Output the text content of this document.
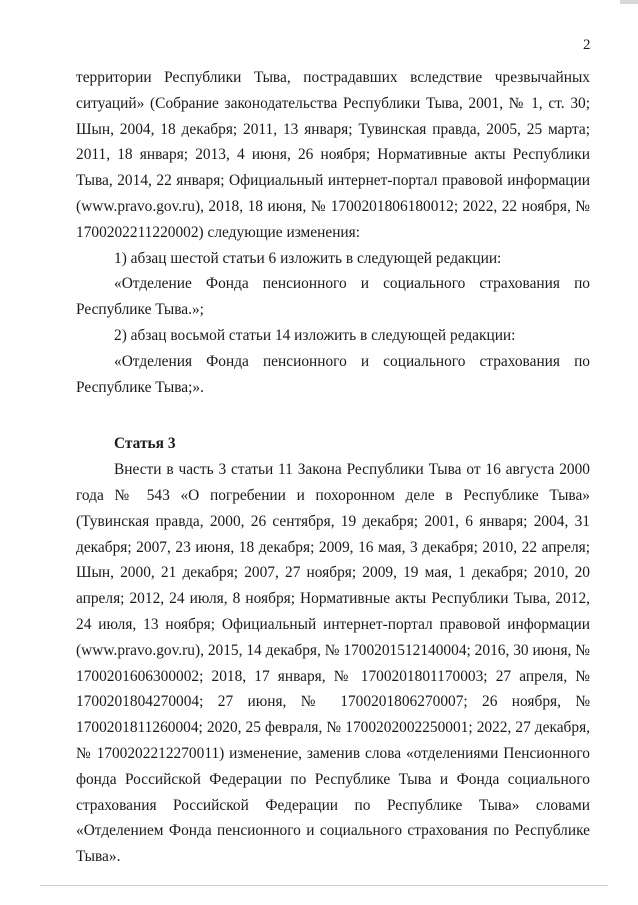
2

территории Республики Тыва, пострадавших вследствие чрезвычайных ситуаций» (Собрание законодательства Республики Тыва, 2001, № 1, ст. 30; Шын, 2004, 18 декабря; 2011, 13 января; Тувинская правда, 2005, 25 марта; 2011, 18 января; 2013, 4 июня, 26 ноября; Нормативные акты Республики Тыва, 2014, 22 января; Официальный интернет-портал правовой информации (www.pravo.gov.ru), 2018, 18 июня, № 1700201806180012; 2022, 22 ноября, № 1700202211220002) следующие изменения:

1) абзац шестой статьи 6 изложить в следующей редакции:

«Отделение Фонда пенсионного и социального страхования по Республике Тыва.»;

2) абзац восьмой статьи 14 изложить в следующей редакции:

«Отделения Фонда пенсионного и социального страхования по Республике Тыва;».

Статья 3

Внести в часть 3 статьи 11 Закона Республики Тыва от 16 августа 2000 года № 543 «О погребении и похоронном деле в Республике Тыва» (Тувинская правда, 2000, 26 сентября, 19 декабря; 2001, 6 января; 2004, 31 декабря; 2007, 23 июня, 18 декабря; 2009, 16 мая, 3 декабря; 2010, 22 апреля; Шын, 2000, 21 декабря; 2007, 27 ноября; 2009, 19 мая, 1 декабря; 2010, 20 апреля; 2012, 24 июля, 8 ноября; Нормативные акты Республики Тыва, 2012, 24 июля, 13 ноября; Официальный интернет-портал правовой информации (www.pravo.gov.ru), 2015, 14 декабря, № 1700201512140004; 2016, 30 июня, № 1700201606300002; 2018, 17 января, № 1700201801170003; 27 апреля, № 1700201804270004; 27 июня, № 1700201806270007; 26 ноября, № 1700201811260004; 2020, 25 февраля, № 1700202002250001; 2022, 27 декабря, № 1700202212270011) изменение, заменив слова «отделениями Пенсионного фонда Российской Федерации по Республике Тыва и Фонда социального страхования Российской Федерации по Республике Тыва» словами «Отделением Фонда пенсионного и социального страхования по Республике Тыва».
